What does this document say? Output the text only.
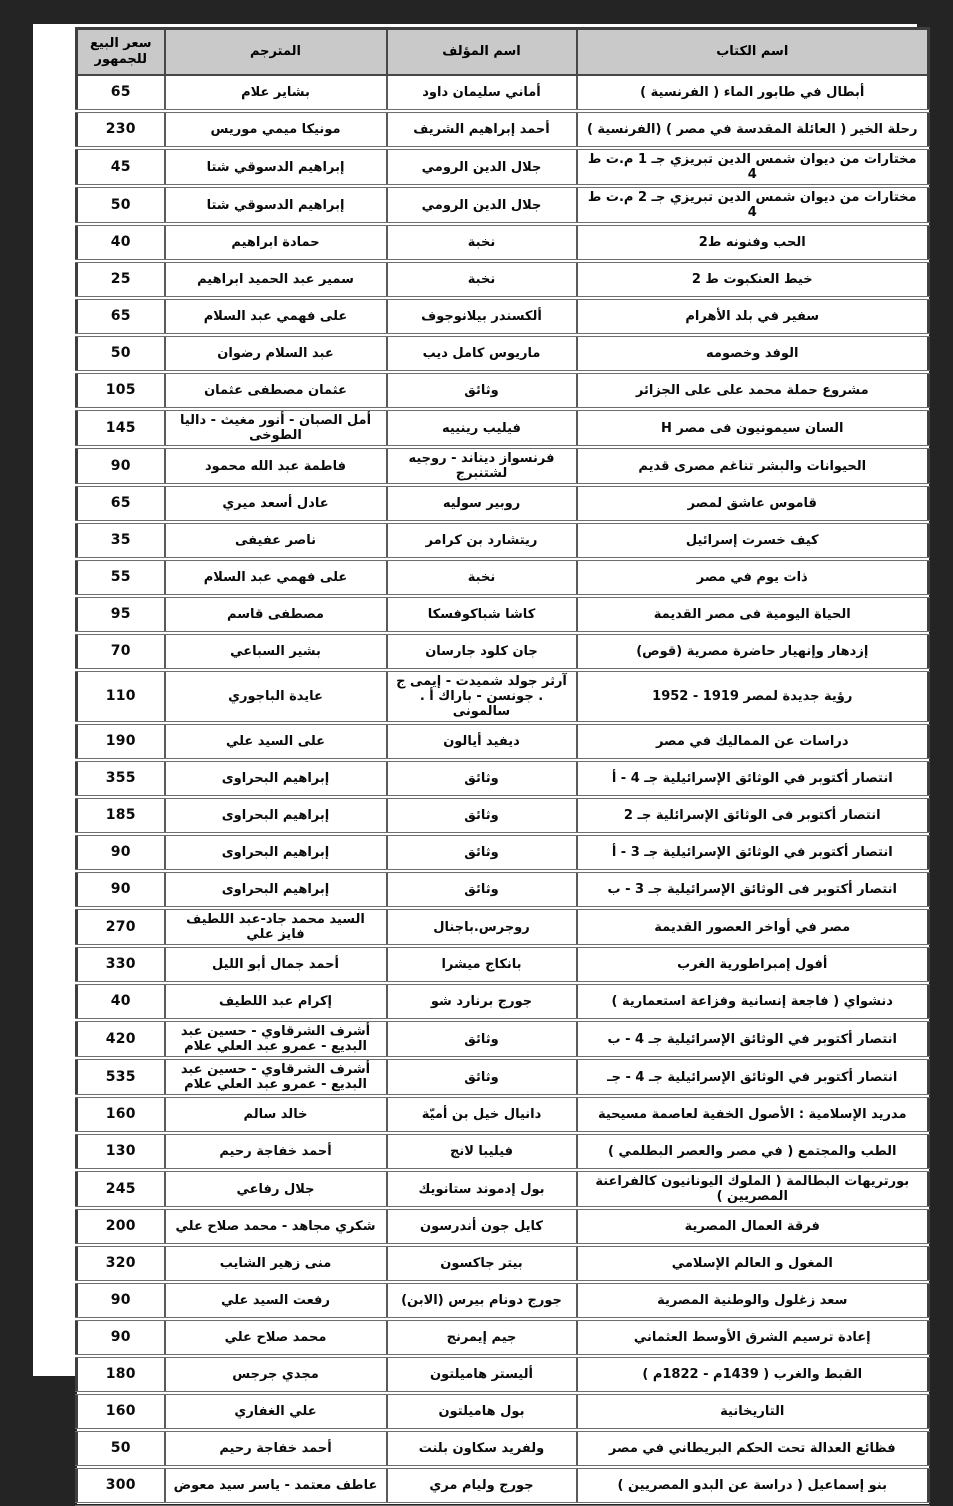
اسم الكتاب	اسم المؤلف	المترجم	سعر البيع للجمهور
أبطال في طابور الماء ( الفرنسية )	أماني سليمان داود	بشاير علام	65
رحلة الخير ( العائلة المقدسة في مصر ) (الفرنسية )	أحمد إبراهيم الشريف	مونيكا ميمي موريس	230
مختارات من ديوان شمس الدين تبريزي جـ 1 م.ت ط 4	جلال الدين الرومي	إبراهيم الدسوقي شتا	45
مختارات من ديوان شمس الدين تبريزي جـ 2 م.ت ط 4	جلال الدين الرومي	إبراهيم الدسوقي شتا	50
الحب وفنونه ط2	نخبة	حمادة ابراهيم	40
خيط العنكبوت ط 2	نخبة	سمير عبد الحميد ابراهيم	25
سفير في بلد الأهرام	ألكسندر بيلانوجوف	على فهمي عبد السلام	65
الوفد وخصومه	ماريوس كامل ديب	عبد السلام رضوان	50
مشروع حملة محمد على على الجزائر	وثائق	عثمان مصطفى عثمان	105
السان سيمونيون فى مصر H	فيليب رينييه	أمل الصبان - أنور مغيث - داليا الطوخى	145
الحيوانات والبشر تناغم مصرى قديم	فرنسواز ديناند - روجيه لشتنبرج	فاطمة عبد الله محمود	90
قاموس عاشق لمصر	روبير سوليه	عادل أسعد ميري	65
كيف خسرت إسرائيل	ريتشارد بن كرامر	ناصر عفيفى	35
ذات يوم في مصر	نخبة	على فهمي عبد السلام	55
الحياة اليومية فى مصر القديمة	كاشا شباكوفسكا	مصطفى قاسم	95
إزدهار وإنهيار حاضرة مصرية (قوص)	جان كلود جارسان	بشير السباعي	70
رؤية جديدة لمصر 1919 - 1952	آرثر جولد شميدت - إيمى ج . جونسن - باراك أ . سالمونى	عايدة الباجوري	110
دراسات عن المماليك في مصر	ديفيد أيالون	على السيد علي	190
انتصار أكتوبر في الوثائق الإسرائيلية جـ 4 - أ	وثائق	إبراهيم البحراوى	355
انتصار أكتوبر فى الوثائق الإسرائلية جـ 2	وثائق	إبراهيم البحراوى	185
انتصار أكتوبر في الوثائق الإسرائيلية جـ 3 - أ	وثائق	إبراهيم البحراوى	90
انتصار أكتوبر فى الوثائق الإسرائيلية جـ 3 - ب	وثائق	إبراهيم البحراوى	90
مصر في أواخر العصور القديمة	روجرس.باجنال	السيد محمد جاد-عبد اللطيف فايز علي	270
أفول إمبراطورية الغرب	بانكاج ميشرا	أحمد جمال أبو الليل	330
دنشواي ( فاجعة إنسانية وفزاعة استعمارية )	جورج برنارد شو	إكرام عبد اللطيف	40
انتصار أكتوبر في الوثائق الإسرائيلية جـ 4 - ب	وثائق	أشرف الشرقاوي - حسين عبد البديع - عمرو عبد العلي علام	420
انتصار أكتوبر في الوثائق الإسرائيلية جـ 4 - جـ	وثائق	أشرف الشرقاوي - حسين عبد البديع - عمرو عبد العلي علام	535
مدريد الإسلامية : الأصول الخفية لعاصمة مسيحية	دانيال خيل بن أميّة	خالد سالم	160
الطب والمجتمع ( في مصر والعصر البطلمي )	فيليبا لانج	أحمد خفاجة رحيم	130
بورتريهات البطالمة ( الملوك اليونانيون كالفراعنة المصريين )	بول إدموند ستانويك	جلال رفاعي	245
فرقة العمال المصرية	كايل جون أندرسون	شكري مجاهد - محمد صلاح علي	200
المغول و العالم الإسلامي	بيتر جاكسون	منى زهير الشايب	320
سعد زغلول والوطنية المصرية	جورج دونام بيرس (الابن)	رفعت السيد علي	90
إعادة ترسيم الشرق الأوسط العثماني	جيم إيمرنج	محمد صلاح علي	90
القبط والغرب ( 1439م - 1822م )	أليستر هاميلتون	مجدي جرجس	180
التاريخانية	بول هاميلتون	علي الغفاري	160
فظائع العدالة تحت الحكم البريطاني في مصر	ولفريد سكاون بلنت	أحمد خفاجة رحيم	50
بنو إسماعيل ( دراسة عن البدو المصريين )	جورج وليام مري	عاطف معتمد - ياسر سيد معوض	300
